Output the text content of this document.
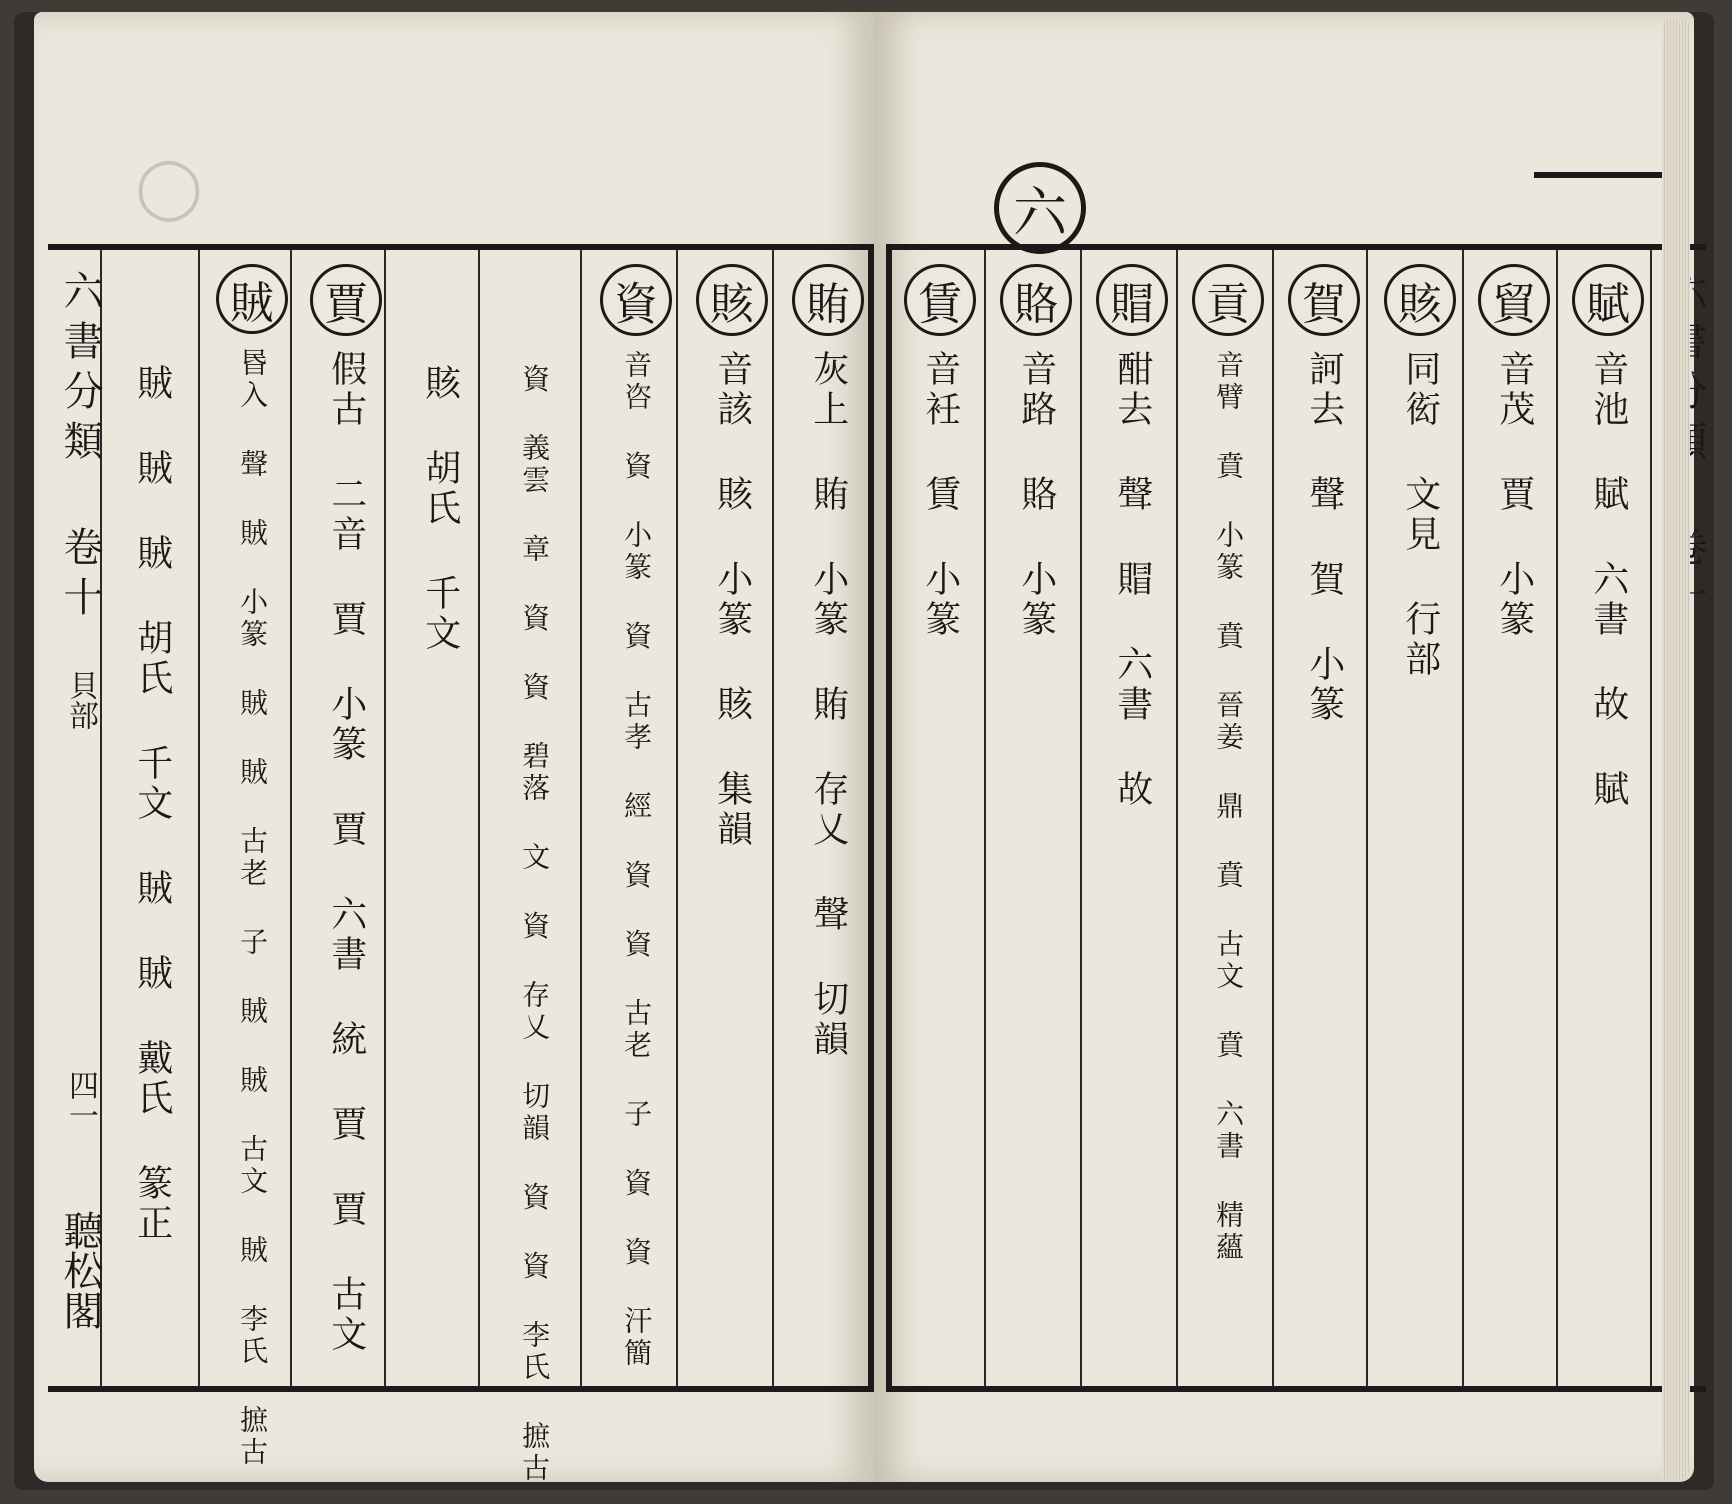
◯
六書分類 卷十
貝部
四一
聽松閣
賄
灰上 賄 小篆 賄 存乂 聲 切韻
賅
音該 賅 小篆 賅 集韻
資
音咨 資 小篆 資 古孝 經 資 資 古老 子 資 資 汗簡
資 義雲 章 資 資 碧落 文 資 存乂 切韻 資 資 李氏 摭古
賅 胡氏 千文
賈
假古 二音 賈 小篆 賈 六書 統 賈 賈 古文
賊
昬入 聲 賊 小篆 賊 賊 古老 子 賊 賊 古文 賊 李氏 摭古
賊 賊 賊 胡氏 千文 賊 賊 戴氏 篆正
六
賦
音池 賦 六書 故 賦
貿
音茂 賈 小篆
賅
同衒 文見 行部
賀
訶去 聲 賀 小篆
貢
音臂 賁 小篆 賁 晉姜 鼎 賁 古文 賁 六書 精蘊
賵
酣去 聲 賵 六書 故
賂
音路 賂 小篆
賃
音衽 賃 小篆
